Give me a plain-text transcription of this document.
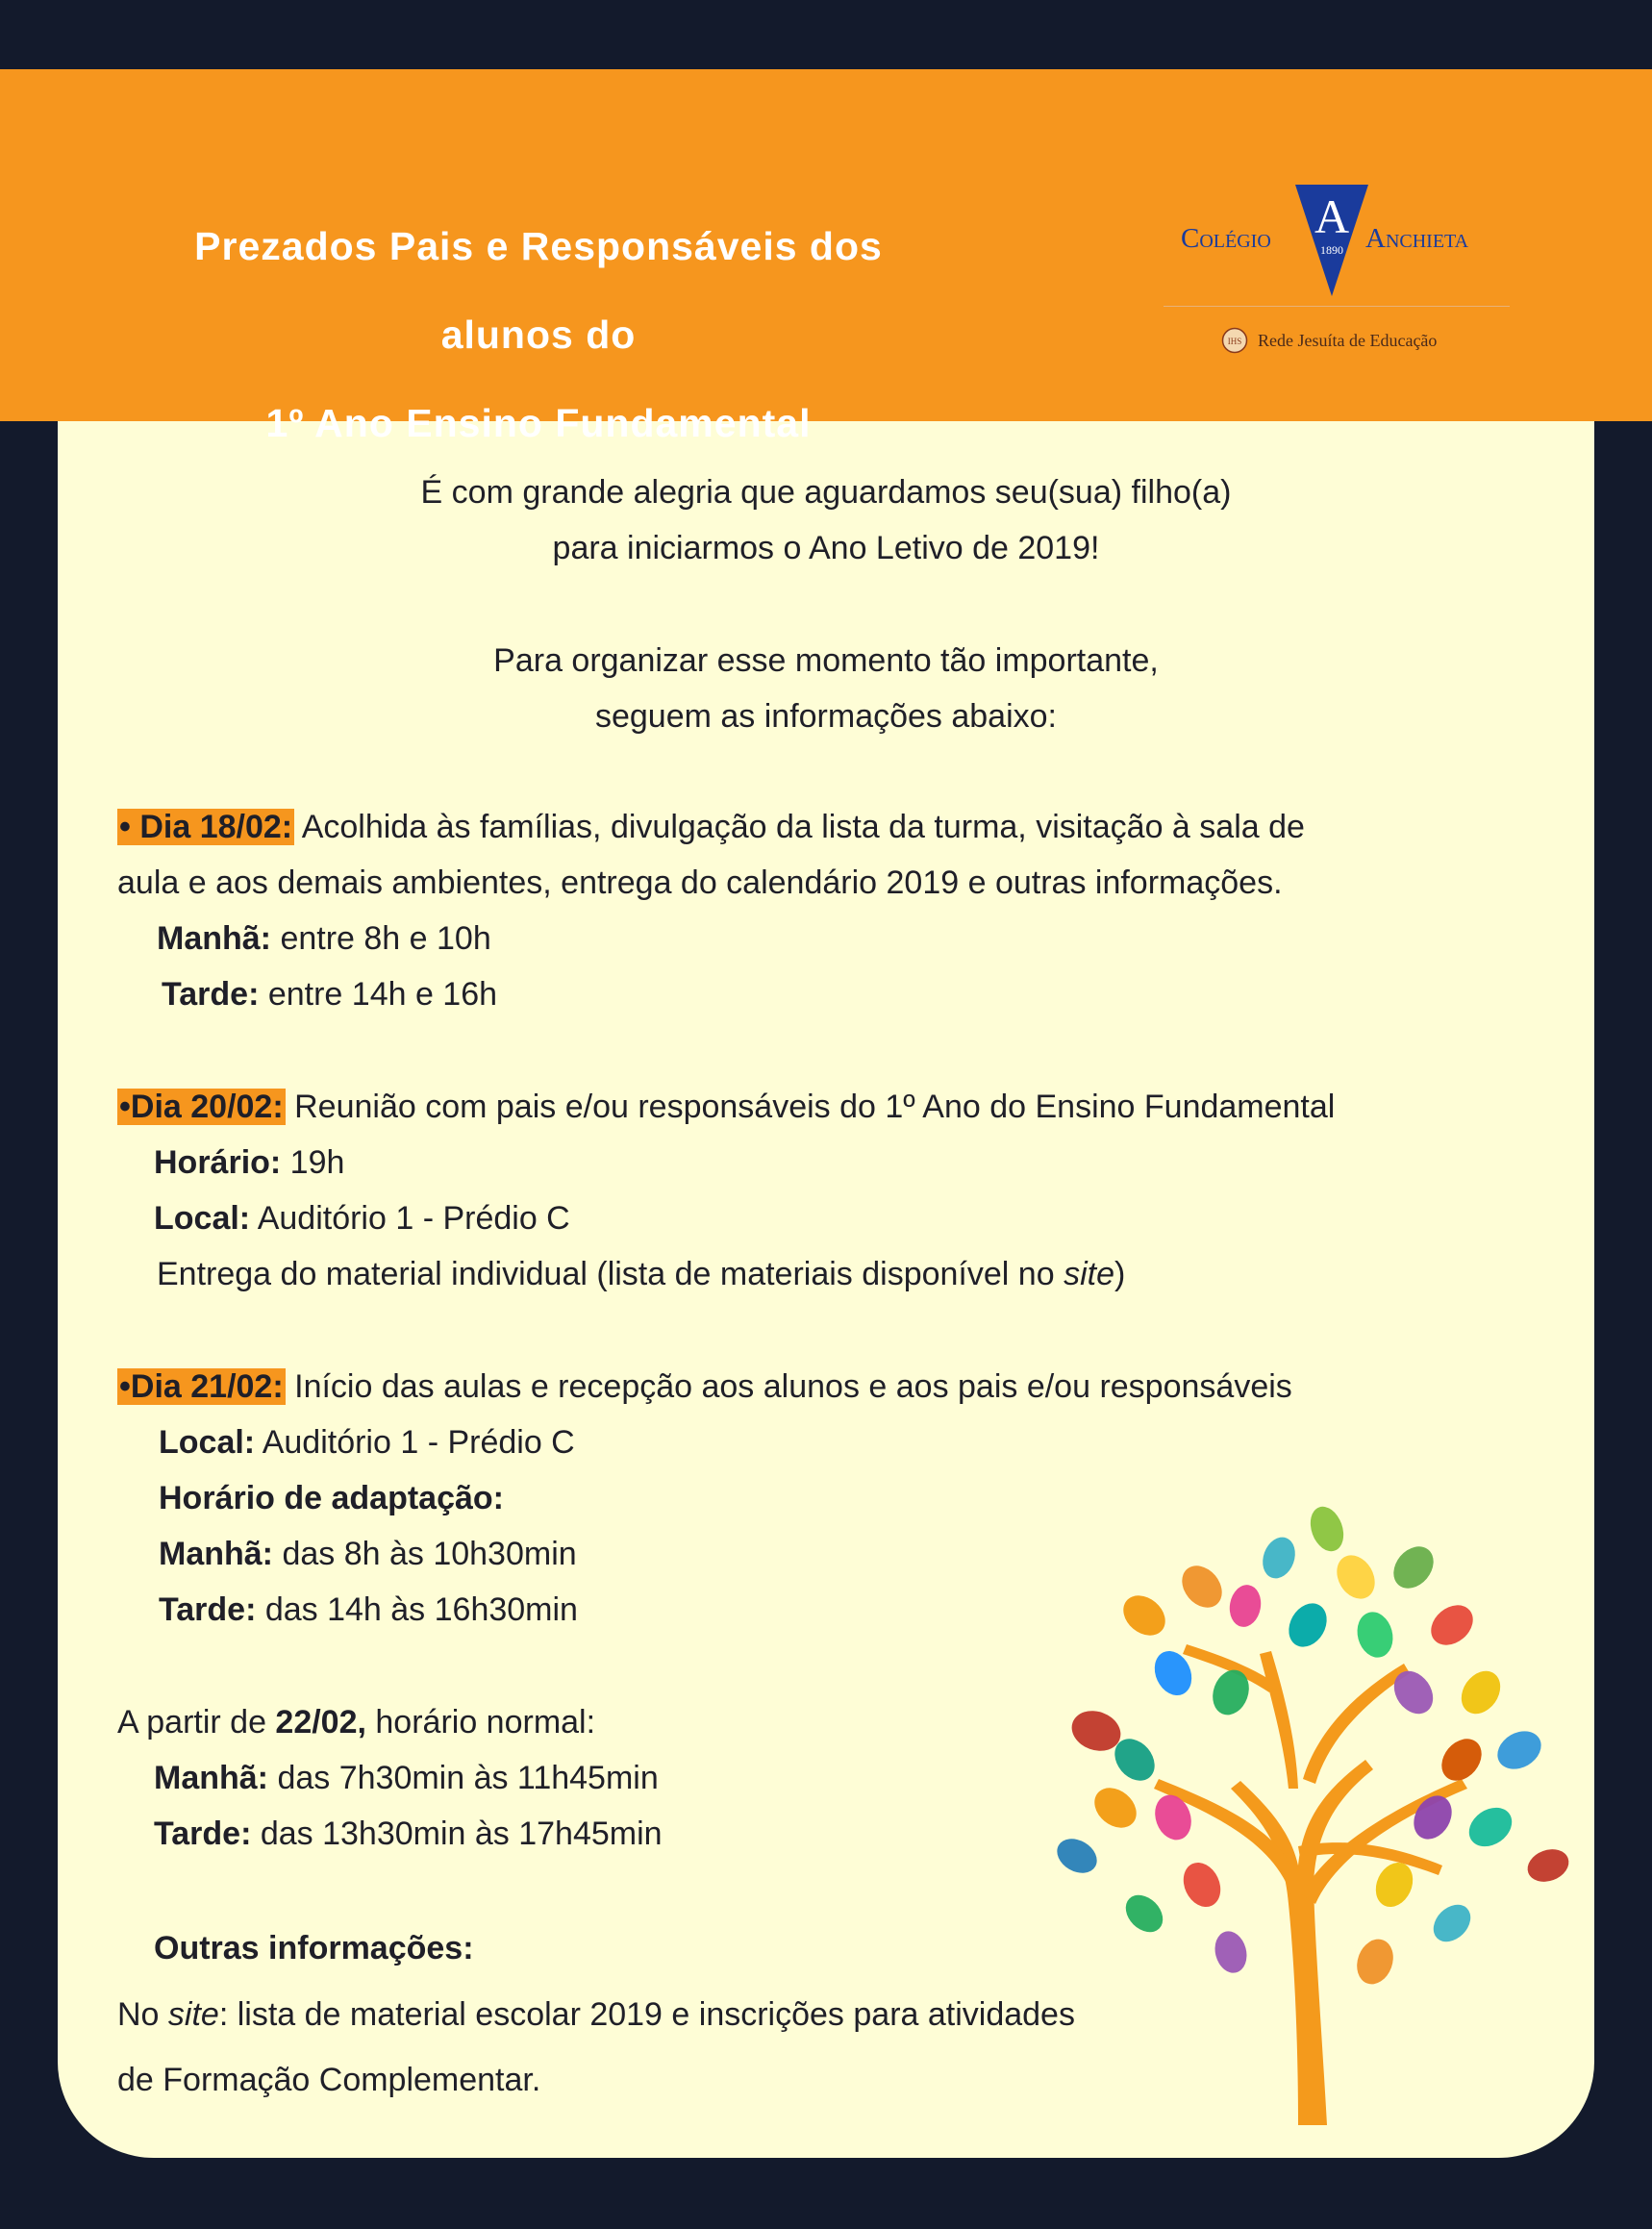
Prezados Pais e Responsáveis dos alunos do
1º Ano Ensino Fundamental
Colégio A
1890 Anchieta
IHS Rede Jesuíta de Educação
É com grande alegria que aguardamos seu(sua) filho(a)
para iniciarmos o Ano Letivo de 2019!
Para organizar esse momento tão importante,
seguem as informações abaixo:
• Dia 18/02: Acolhida às famílias, divulgação da lista da turma, visitação à sala de
aula e aos demais ambientes, entrega do calendário 2019 e outras informações.
Manhã: entre 8h e 10h
Tarde: entre 14h e 16h
•Dia 20/02: Reunião com pais e/ou responsáveis do 1º Ano do Ensino Fundamental
Horário: 19h
Local: Auditório 1 - Prédio C
Entrega do material individual (lista de materiais disponível no site)
•Dia 21/02: Início das aulas e recepção aos alunos e aos pais e/ou responsáveis
Local: Auditório 1 - Prédio C
Horário de adaptação:
Manhã: das 8h às 10h30min
Tarde: das 14h às 16h30min
A partir de 22/02, horário normal:
Manhã: das 7h30min às 11h45min
Tarde: das 13h30min às 17h45min
Outras informações:
No site: lista de material escolar 2019 e inscrições para atividades
de Formação Complementar.
